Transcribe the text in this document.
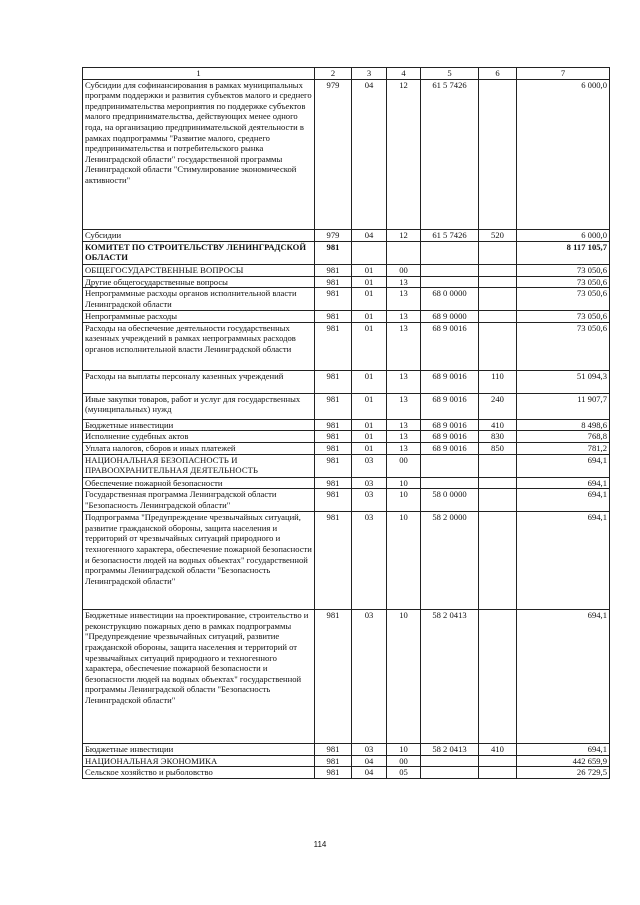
1	2	3	4	5	6	7
Субсидии для софинансирования в рамках муниципальных программ поддержки и развития субъектов малого и среднего предпринимательства мероприятия по поддержке субъектов малого предпринимательства, действующих менее одного года, на организацию предпринимательской деятельности в рамках подпрограммы "Развитие малого, среднего предпринимательства и потребительского рынка Ленинградской области" государственной программы Ленинградской области "Стимулирование экономической активности"	979	04	12	61 5 7426		6 000,0
Субсидии	979	04	12	61 5 7426	520	6 000,0
КОМИТЕТ ПО СТРОИТЕЛЬСТВУ ЛЕНИНГРАДСКОЙ ОБЛАСТИ	981					8 117 105,7
ОБЩЕГОСУДАРСТВЕННЫЕ ВОПРОСЫ	981	01	00			73 050,6
Другие общегосударственные вопросы	981	01	13			73 050,6
Непрограммные расходы органов исполнительной власти Ленинградской области	981	01	13	68 0 0000		73 050,6
Непрограммные расходы	981	01	13	68 9 0000		73 050,6
Расходы на обеспечение деятельности государственных казенных учреждений в рамках непрограммных расходов органов исполнительной власти Ленинградской области	981	01	13	68 9 0016		73 050,6
Расходы на выплаты персоналу казенных учреждений	981	01	13	68 9 0016	110	51 094,3
Иные закупки товаров, работ и услуг для государственных (муниципальных) нужд	981	01	13	68 9 0016	240	11 907,7
Бюджетные инвестиции	981	01	13	68 9 0016	410	8 498,6
Исполнение судебных актов	981	01	13	68 9 0016	830	768,8
Уплата налогов, сборов и иных платежей	981	01	13	68 9 0016	850	781,2
НАЦИОНАЛЬНАЯ БЕЗОПАСНОСТЬ И ПРАВООХРАНИТЕЛЬНАЯ ДЕЯТЕЛЬНОСТЬ	981	03	00			694,1
Обеспечение пожарной безопасности	981	03	10			694,1
Государственная программа Ленинградской области "Безопасность Ленинградской области"	981	03	10	58 0 0000		694,1
Подпрограмма "Предупреждение чрезвычайных ситуаций, развитие гражданской обороны, защита населения и территорий от чрезвычайных ситуаций природного и техногенного характера, обеспечение пожарной безопасности и безопасности людей на водных объектах" государственной программы Ленинградской области "Безопасность Ленинградской области"	981	03	10	58 2 0000		694,1
Бюджетные инвестиции на проектирование, строительство и реконструкцию пожарных депо в рамках подпрограммы "Предупреждение чрезвычайных ситуаций, развитие гражданской обороны, защита населения и территорий от чрезвычайных ситуаций природного и техногенного характера, обеспечение пожарной безопасности и безопасности людей на водных объектах" государственной программы Ленинградской области "Безопасность Ленинградской области"	981	03	10	58 2 0413		694,1
Бюджетные инвестиции	981	03	10	58 2 0413	410	694,1
НАЦИОНАЛЬНАЯ ЭКОНОМИКА	981	04	00			442 659,9
Сельское хозяйство и рыболовство	981	04	05			26 729,5
114
